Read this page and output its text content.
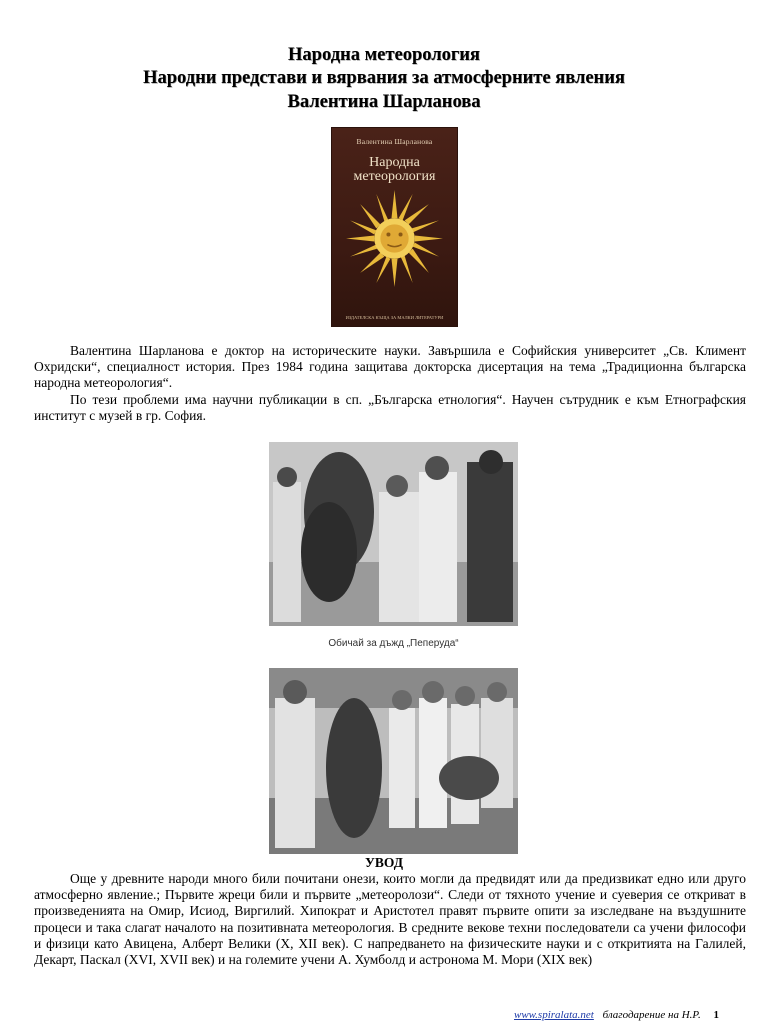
Народна метеорология
Народни представи и вярвания за атмосферните явления
Валентина Шарланова
Валентина Шарланова
Народна
метеорология
ИЗДАТЕЛСКА КЪЩА ЗА МАЛКИ ЛИТЕРАТУРИ
Валентина Шарланова е доктор на историческите науки. Завършила е Софийския университет „Св. Климент Охридски“, специалност история. През 1984 година защитава докторска дисертация на тема „Традиционна българска народна метеорология“.
По тези проблеми има научни публикации в сп. „Българска етнология“. Научен сътрудник е към Етнографския институт с музей в гр. София.
Обичай за дъжд „Пеперуда“
УВОД
Още у древните народи много били почитани онези, които могли да предвидят или да предизвикат едно или друго атмосферно явление.; Първите жреци били и първите „метеоролози“. Следи от тяхното учение и суеверия се откриват в произведенията на Омир, Исиод, Виргилий. Хипократ и Аристотел правят първите опити за изследване на въздушните процеси и така слагат началото на позитивната метеорология. В средните векове техни последователи са учени философи и физици като Авицена, Алберт Велики (X, XII век). С напредването на физическите науки и с откритията на Галилей, Декарт, Паскал (XVI, XVII век) и на големите учени А. Хумболд и астронома М. Мори (XIX век)
www.spiralata.net благодарение на Н.Р. 1
